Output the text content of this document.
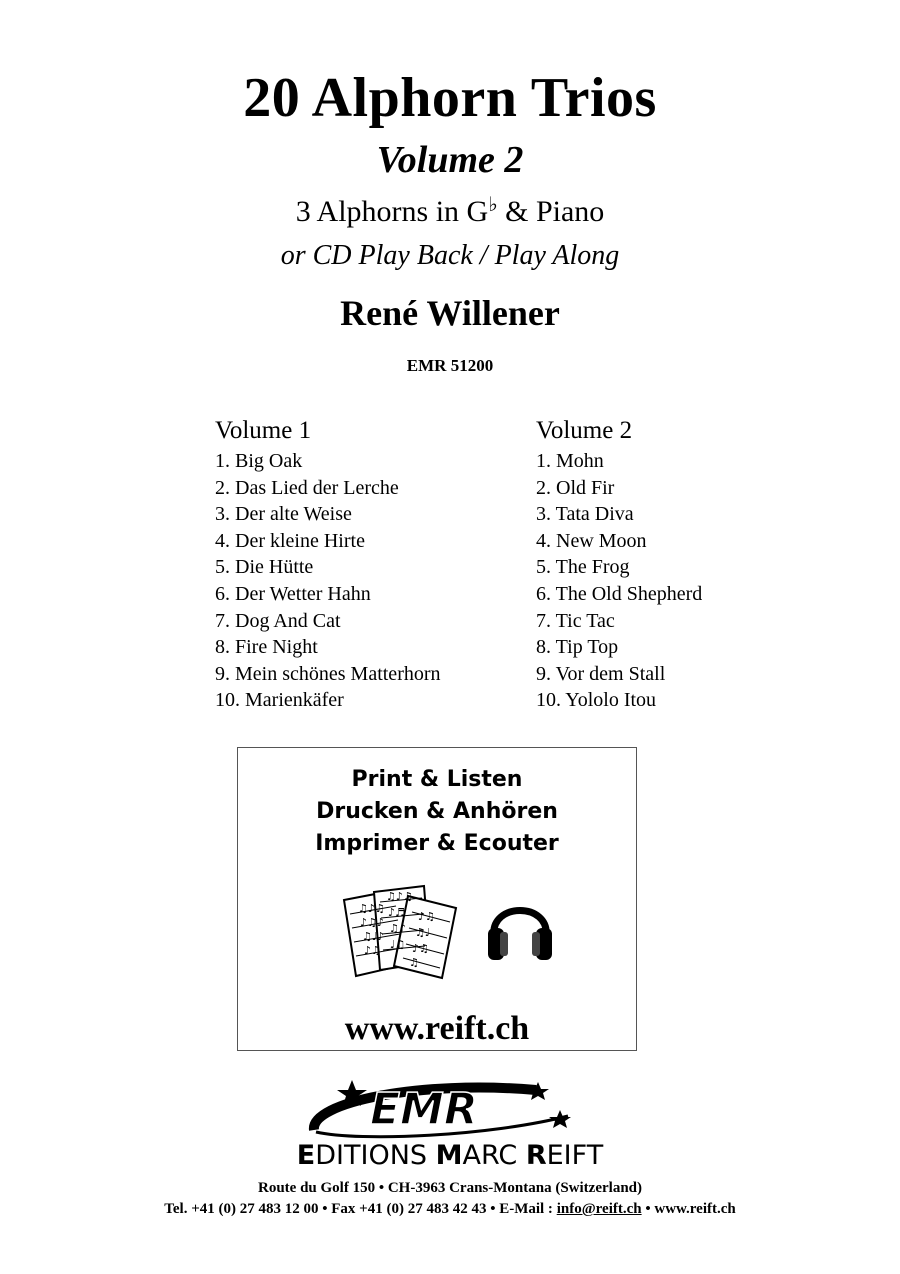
20 Alphorn Trios
Volume 2
3 Alphorns in G♭ & Piano
or CD Play Back / Play Along
René Willener
EMR 51200
Volume 1
1. Big Oak
2. Das Lied der Lerche
3. Der alte Weise
4. Der kleine Hirte
5. Die Hütte
6. Der Wetter Hahn
7. Dog And Cat
8. Fire Night
9. Mein schönes Matterhorn
10. Marienkäfer
Volume 2
1. Mohn
2. Old Fir
3. Tata Diva
4. New Moon
5. The Frog
6. The Old Shepherd
7. Tic Tac
8. Tip Top
9. Vor dem Stall
10. Yololo Itou
Print & Listen
Drucken & Anhören
Imprimer & Ecouter
♫♪♫
♪♫♪
♫♩♪
♪♫
♫♪♫
♪♬
♫♪
♩♫
♪♫
♫♩
♪♫
♫
www.reift.ch
EMR
EDITIONS MARC REIFT
Route du Golf 150 • CH-3963 Crans-Montana (Switzerland)
Tel. +41 (0) 27 483 12 00 • Fax +41 (0) 27 483 42 43 • E-Mail : info@reift.ch • www.reift.ch
